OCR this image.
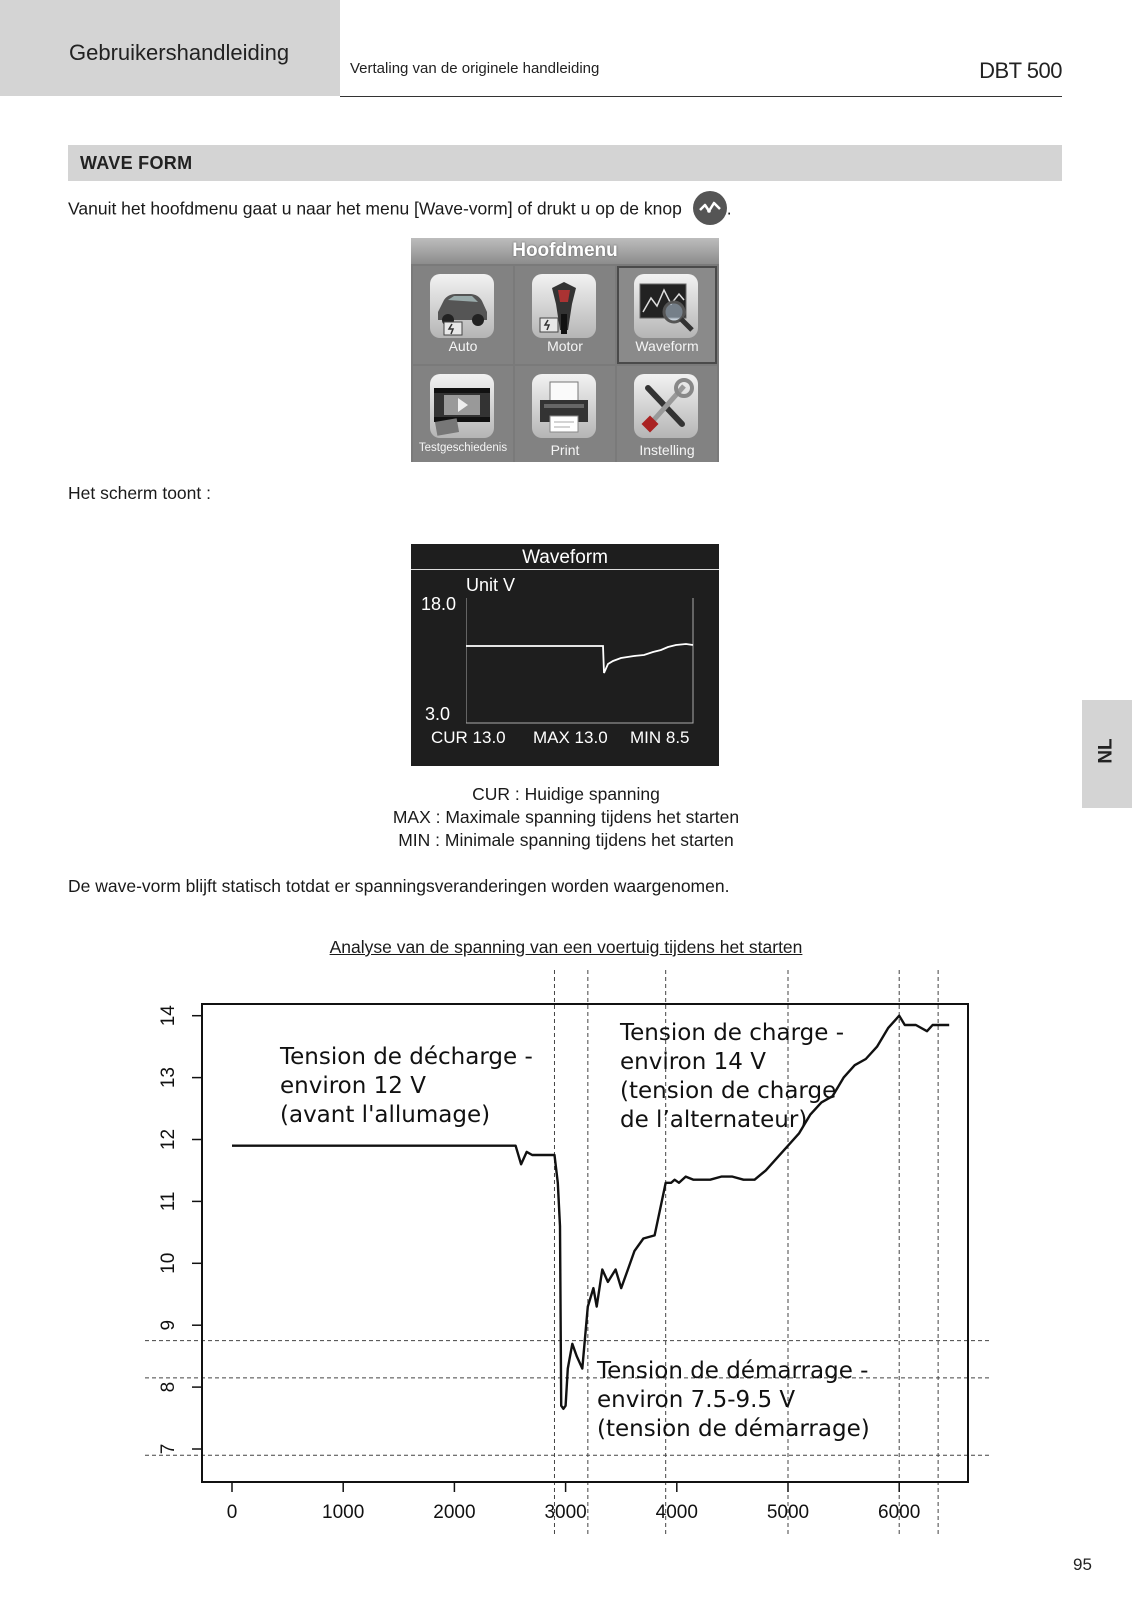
Gebruikershandleiding
Vertaling van de originele handleiding	DBT 500
WAVE FORM
Vanuit het hoofdmenu gaat u naar het menu [Wave-vorm] of drukt u op de knop	.
Hoofdmenu
Auto	Motor	Waveform
Testgeschiedenis	Print	Instelling
Het scherm toont :
Waveform
Unit V
18.0
3.0
CUR 13.0 MAX 13.0 MIN 8.5
CUR : Huidige spanning
MAX : Maximale spanning tijdens het starten
MIN : Minimale spanning tijdens het starten
De wave-vorm blijft statisch totdat er spanningsveranderingen worden waargenomen.
Analyse van de spanning van een voertuig tijdens het starten
0	1000	2000	3000	4000	5000	6000
7
8
9
10
11
12
13
14
Tension de décharge -
environ 12 V
(avant l'allumage)
Tension de charge -
environ 14 V
(tension de charge
de l’alternateur)
Tension de démarrage -
environ 7.5-9.5 V
(tension de démarrage)
NL
95
